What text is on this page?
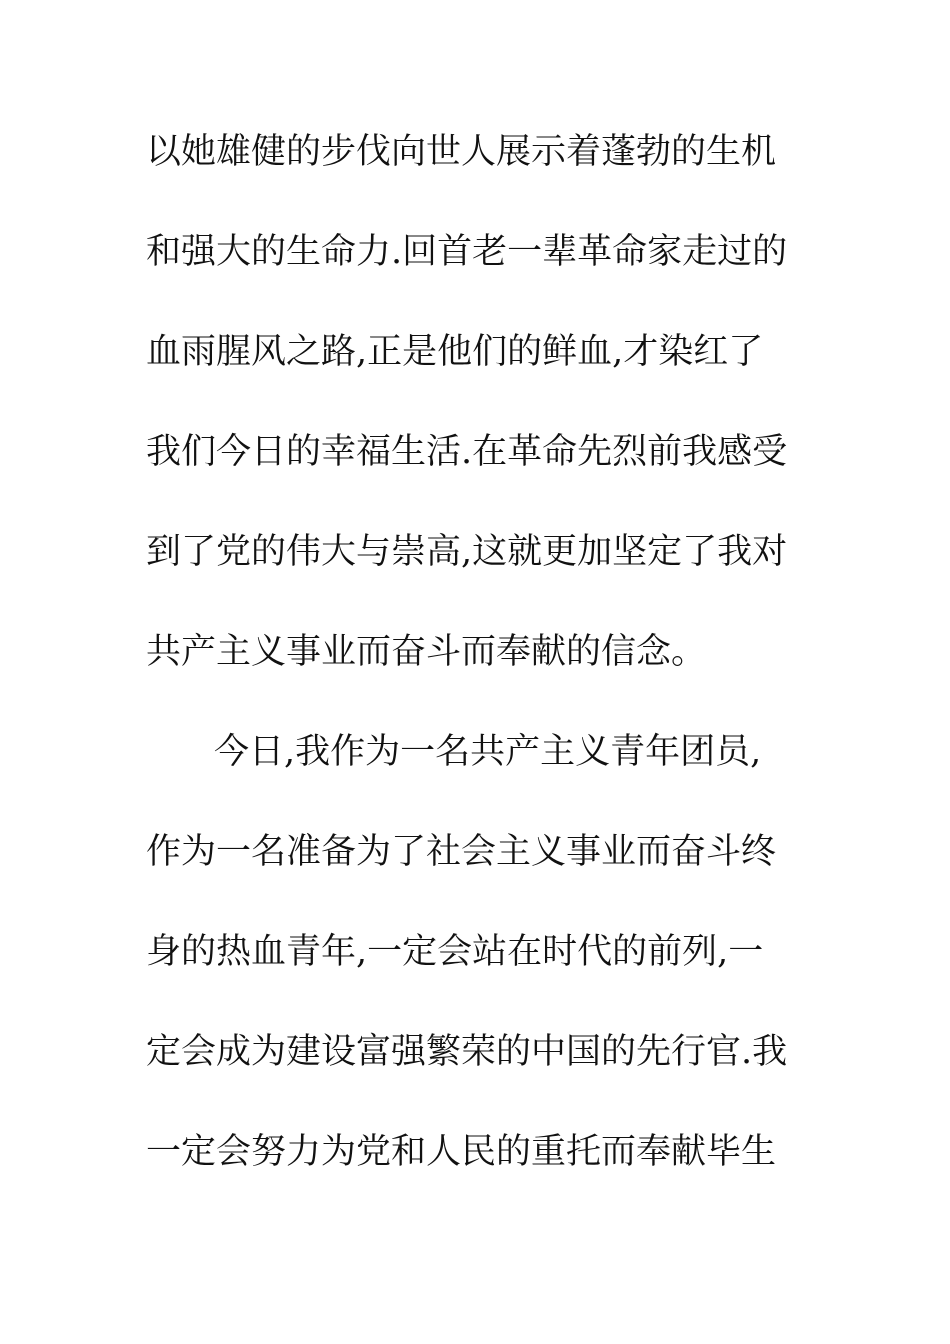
以她雄健的步伐向世人展示着蓬勃的生机
和强大的生命力.回首老一辈革命家走过的
血雨腥风之路,正是他们的鲜血,才染红了
我们今日的幸福生活.在革命先烈前我感受
到了党的伟大与崇高,这就更加坚定了我对
共产主义事业而奋斗而奉献的信念。
今日,我作为一名共产主义青年团员,
作为一名准备为了社会主义事业而奋斗终
身的热血青年,一定会站在时代的前列,一
定会成为建设富强繁荣的中国的先行官.我
一定会努力为党和人民的重托而奉献毕生
